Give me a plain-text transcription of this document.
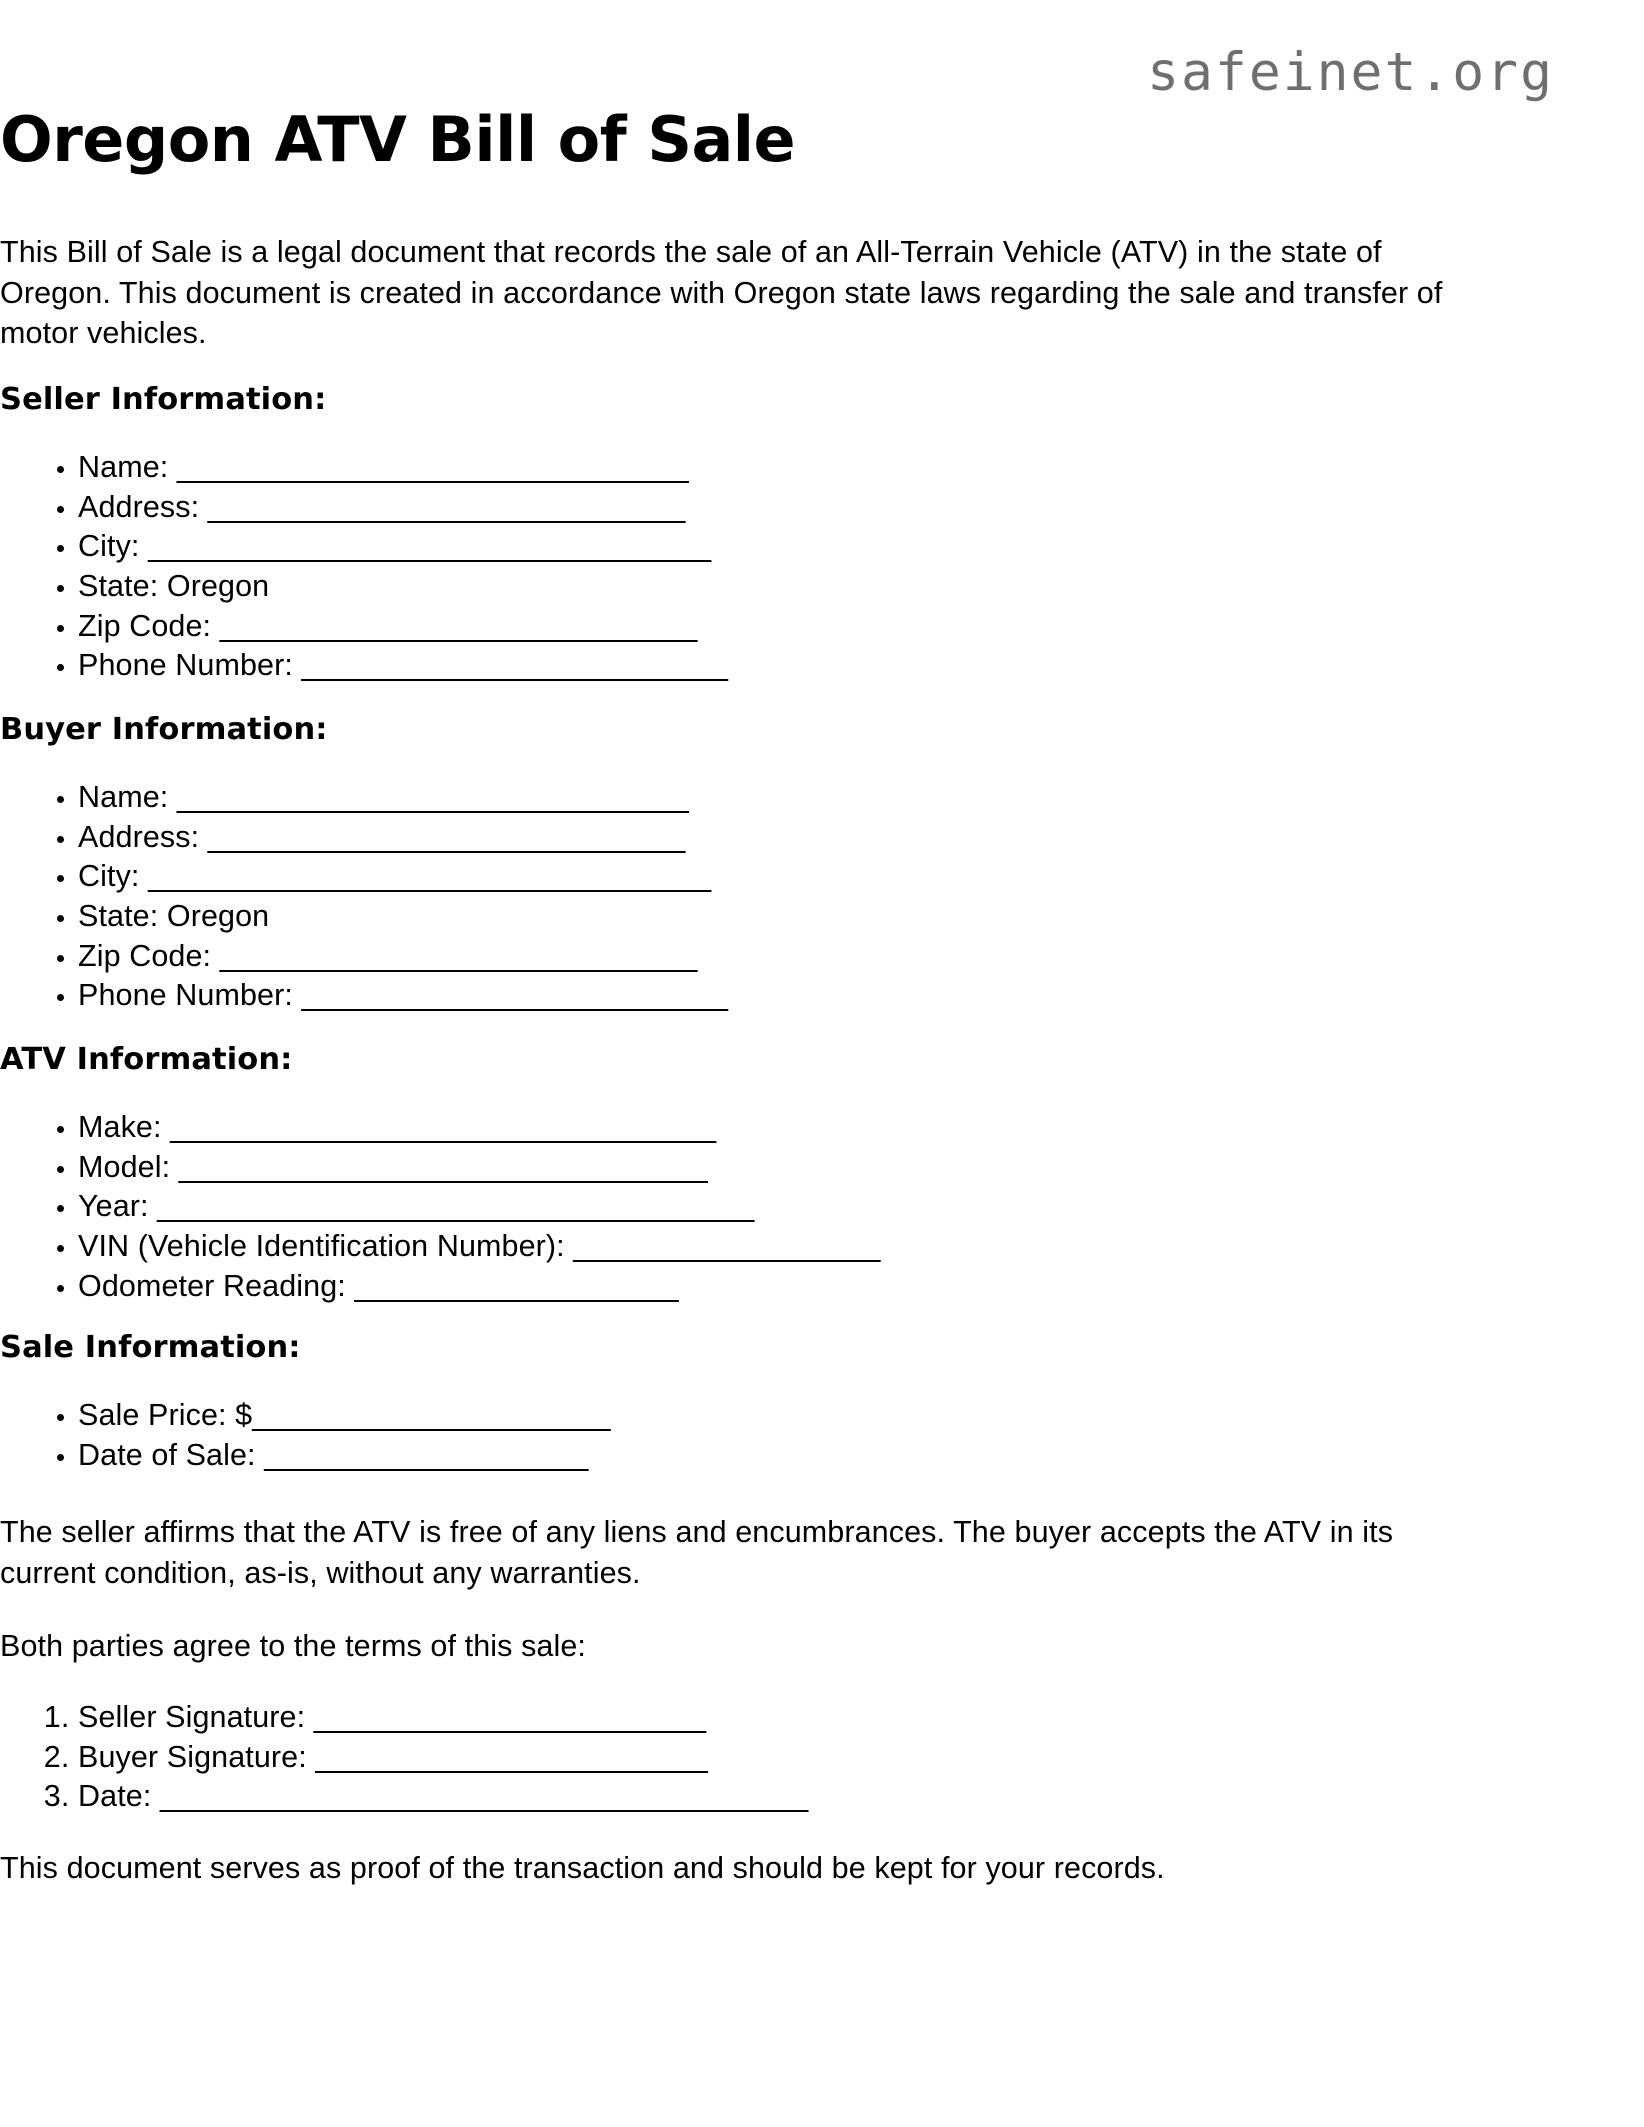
safeinet.org
Oregon ATV Bill of Sale

This Bill of Sale is a legal document that records the sale of an All-Terrain Vehicle (ATV) in the state of Oregon. This document is created in accordance with Oregon state laws regarding the sale and transfer of motor vehicles.

Seller Information:
• Name: ______________________________
• Address: ____________________________
• City: _________________________________
• State: Oregon
• Zip Code: ____________________________
• Phone Number: _________________________
Buyer Information:
• Name: ______________________________
• Address: ____________________________
• City: _________________________________
• State: Oregon
• Zip Code: ____________________________
• Phone Number: _________________________
ATV Information:
• Make: ________________________________
• Model: _______________________________
• Year: ___________________________________
• VIN (Vehicle Identification Number): __________________
• Odometer Reading: ___________________
Sale Information:
• Sale Price: $_____________________
• Date of Sale: ___________________

The seller affirms that the ATV is free of any liens and encumbrances. The buyer accepts the ATV in its current condition, as-is, without any warranties.

Both parties agree to the terms of this sale:

1. Seller Signature: _______________________
2. Buyer Signature: _______________________
3. Date: ______________________________________

This document serves as proof of the transaction and should be kept for your records.
